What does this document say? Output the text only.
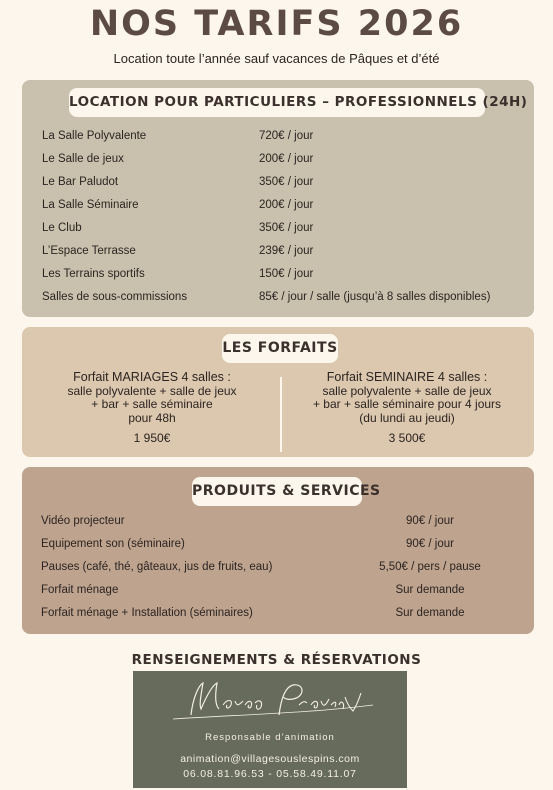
NOS TARIFS 2026
Location toute l’année sauf vacances de Pâques et d’été
LOCATION POUR PARTICULIERS – PROFESSIONNELS (24H)
La Salle Polyvalente	720€ / jour
Le Salle de jeux	200€ / jour
Le Bar Paludot	350€ / jour
La Salle Séminaire	200€ / jour
Le Club	350€ / jour
L’Espace Terrasse	239€ / jour
Les Terrains sportifs	150€ / jour
Salles de sous-commissions	85€ / jour / salle (jusqu’à 8 salles disponibles)
LES FORFAITS
Forfait MARIAGES 4 salles :
salle polyvalente + salle de jeux
+ bar + salle séminaire
pour 48h
1 950€
Forfait SEMINAIRE 4 salles :
salle polyvalente + salle de jeux
+ bar + salle séminaire pour 4 jours
(du lundi au jeudi)
3 500€
PRODUITS & SERVICES
Vidéo projecteur	90€ / jour
Equipement son (séminaire)	90€ / jour
Pauses (café, thé, gâteaux, jus de fruits, eau)	5,50€ / pers / pause
Forfait ménage	Sur demande
Forfait ménage + Installation (séminaires)	Sur demande
RENSEIGNEMENTS & RÉSERVATIONS
Responsable d’animation
animation@villagesouslespins.com
06.08.81.96.53 - 05.58.49.11.07
